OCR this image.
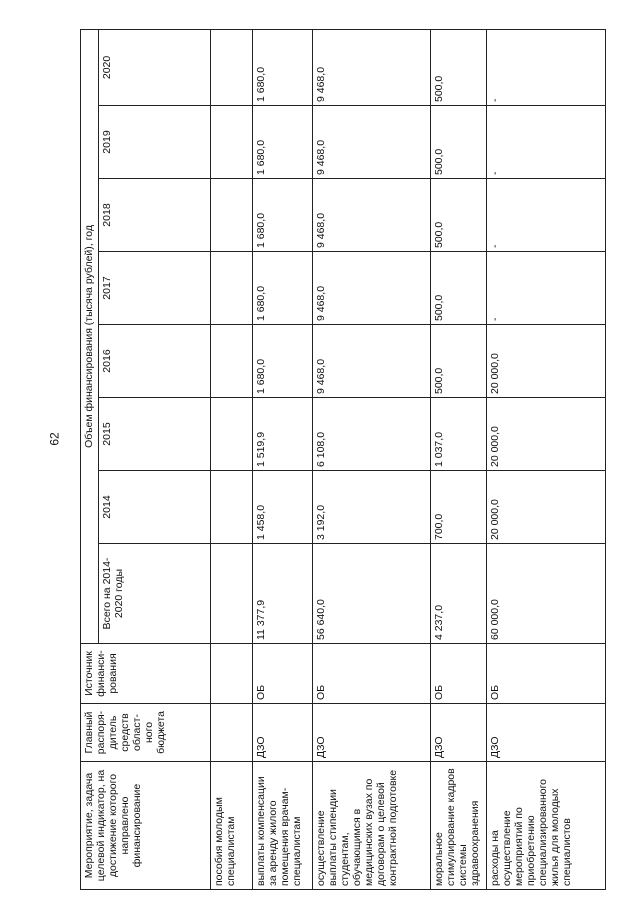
62
Мероприятие, задача целевой индикатор, на достижение которого направлено финансирование	Главный распоря-дитель средств област-ного бюджета	Источник финанси-рования	Объем финансирования (тысяча рублей), год							
			Всего на 2014-2020 годы	2014	2015	2016	2017	2018	2019	2020
пособия молодым специалистам										
выплаты компенсации за аренду жилого помещения врачам-специалистам	ДЗО	ОБ	11 377,9	1 458,0	1 519,9	1 680,0	1 680,0	1 680,0	1 680,0	1 680,0
осуществление выплаты стипендии студентам, обучающимся в медицинских вузах по договорам о целевой контрактной подготовке	ДЗО	ОБ	56 640,0	3 192,0	6 108,0	9 468,0	9 468,0	9 468,0	9 468,0	9 468,0
моральное стимулирование кадров системы здравоохранения	ДЗО	ОБ	4 237,0	700,0	1 037,0	500,0	500,0	500,0	500,0	500,0
расходы на осуществление мероприятий по приобретению специализированного жилья для молодых специалистов	ДЗО	ОБ	60 000,0	20 000,0	20 000,0	20 000,0	-	-	-	-
